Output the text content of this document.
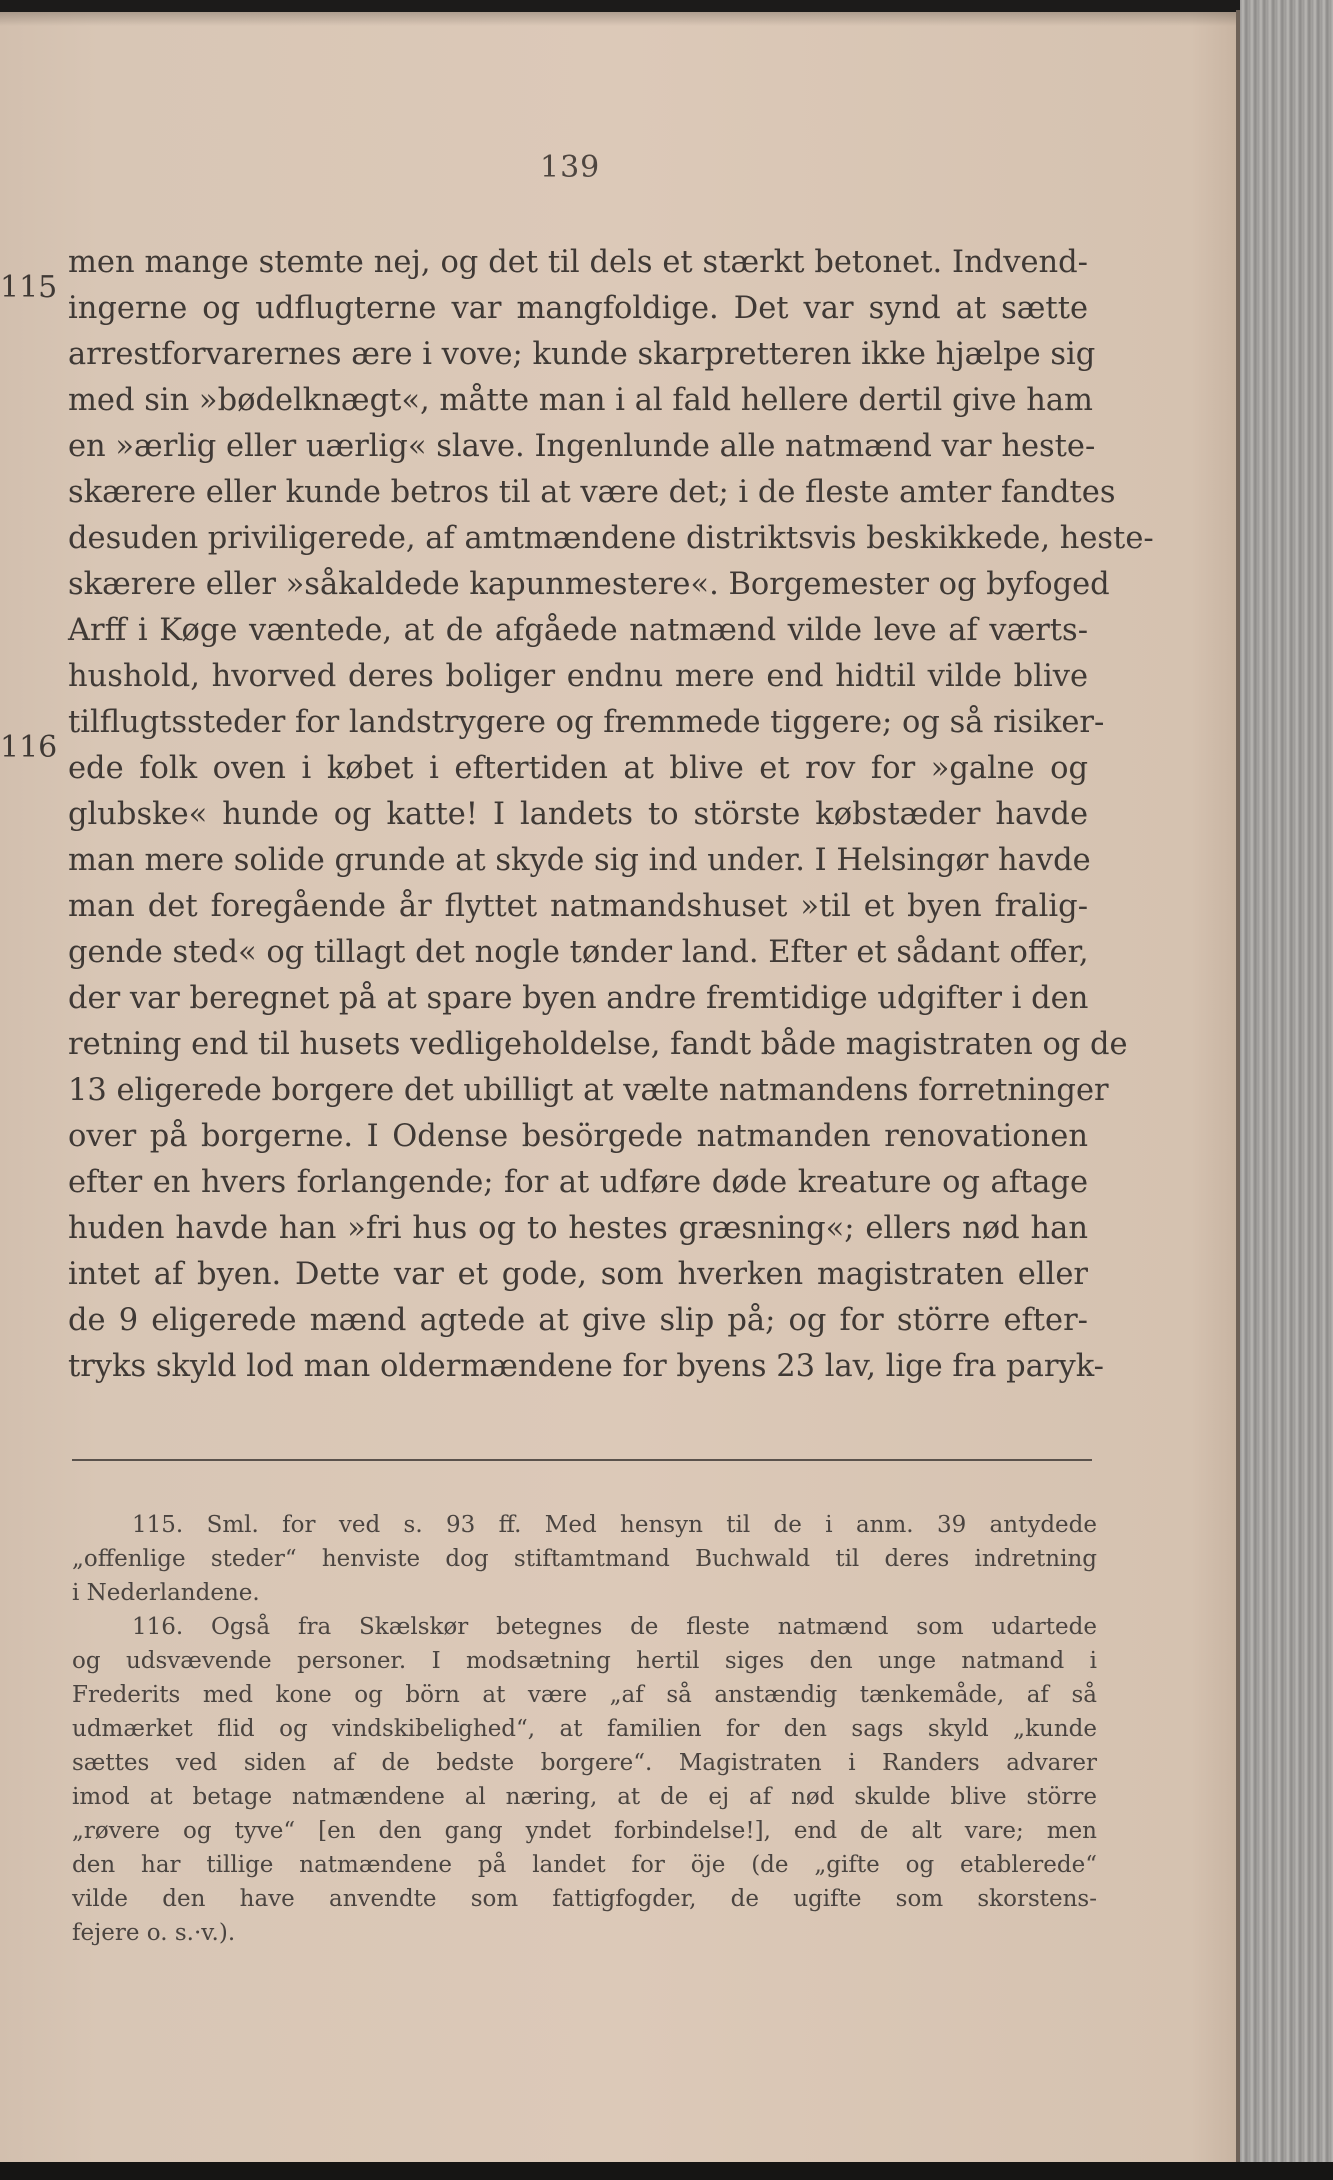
139
115
116
men mange stemte nej, og det til dels et stærkt betonet. Indvend-
ingerne og udflugterne var mangfoldige. Det var synd at sætte
arrestforvarernes ære i vove; kunde skarpretteren ikke hjælpe sig
med sin »bødelknægt«, måtte man i al fald hellere dertil give ham
en »ærlig eller uærlig« slave. Ingenlunde alle natmænd var heste-
skærere eller kunde betros til at være det; i de fleste amter fandtes
desuden priviligerede, af amtmændene distriktsvis beskikkede, heste-
skærere eller »såkaldede kapunmestere«. Borgemester og byfoged
Arff i Køge væntede, at de afgåede natmænd vilde leve af værts-
hushold, hvorved deres boliger endnu mere end hidtil vilde blive
tilflugtssteder for landstrygere og fremmede tiggere; og så risiker-
ede folk oven i købet i eftertiden at blive et rov for »galne og
glubske« hunde og katte! I landets to störste købstæder havde
man mere solide grunde at skyde sig ind under. I Helsingør havde
man det foregående år flyttet natmandshuset »til et byen fralig-
gende sted« og tillagt det nogle tønder land. Efter et sådant offer,
der var beregnet på at spare byen andre fremtidige udgifter i den
retning end til husets vedligeholdelse, fandt både magistraten og de
13 eligerede borgere det ubilligt at vælte natmandens forretninger
over på borgerne. I Odense besörgede natmanden renovationen
efter en hvers forlangende; for at udføre døde kreature og aftage
huden havde han »fri hus og to hestes græsning«; ellers nød han
intet af byen. Dette var et gode, som hverken magistraten eller
de 9 eligerede mænd agtede at give slip på; og for större efter-
tryks skyld lod man oldermændene for byens 23 lav, lige fra paryk-
115. Sml. for ved s. 93 ff. Med hensyn til de i anm. 39 antydede
„offenlige steder“ henviste dog stiftamtmand Buchwald til deres indretning
i Nederlandene.
116. Også fra Skælskør betegnes de fleste natmænd som udartede
og udsvævende personer. I modsætning hertil siges den unge natmand i
Frederits med kone og börn at være „af så anstændig tænkemåde, af så
udmærket flid og vindskibelighed“, at familien for den sags skyld „kunde
sættes ved siden af de bedste borgere“. Magistraten i Randers advarer
imod at betage natmændene al næring, at de ej af nød skulde blive större
„røvere og tyve“ [en den gang yndet forbindelse!], end de alt vare; men
den har tillige natmændene på landet for öje (de „gifte og etablerede“
vilde den have anvendte som fattigfogder, de ugifte som skorstens-
fejere o. s.·v.).
